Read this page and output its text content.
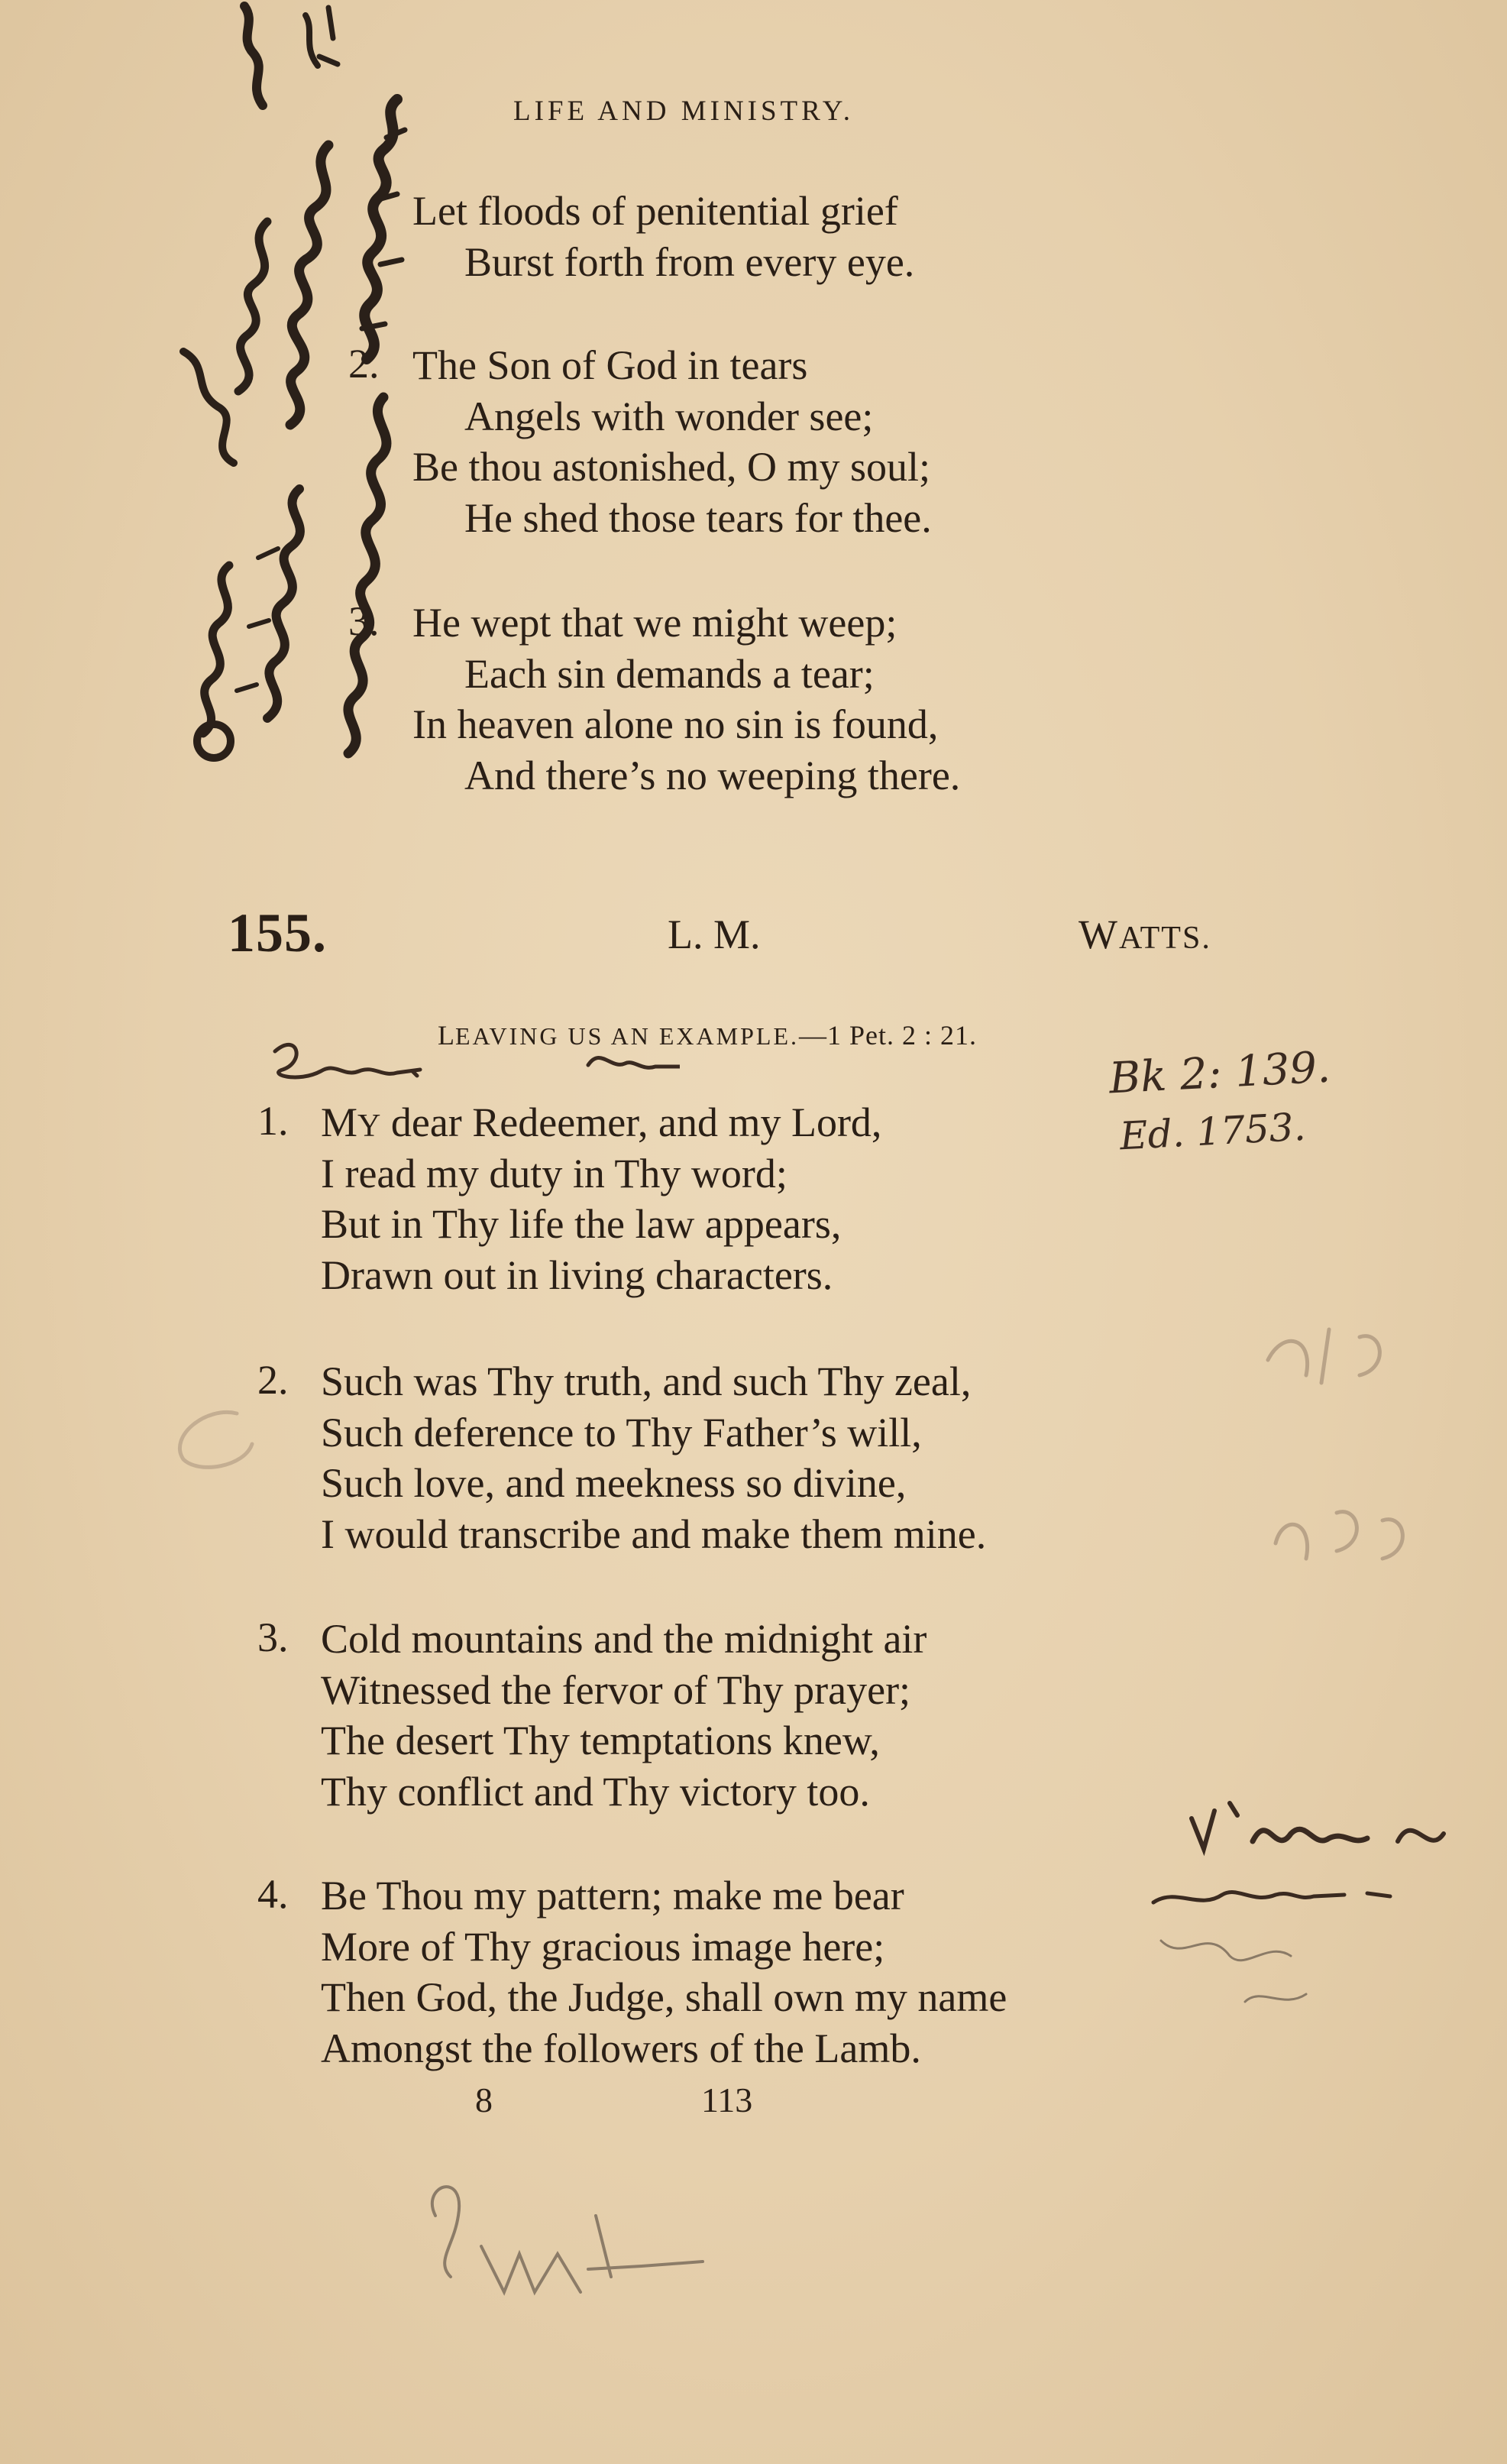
LIFE AND MINISTRY.
Let floods of penitential grief
Burst forth from every eye.
2. The Son of God in tears
Angels with wonder see;
Be thou astonished, O my soul;
He shed those tears for thee.
3. He wept that we might weep;
Each sin demands a tear;
In heaven alone no sin is found,
And there’s no weeping there.
155.	L. M.	WATTS.
LEAVING US AN EXAMPLE.—1 Pet. 2 : 21.
1. MY dear Redeemer, and my Lord,
I read my duty in Thy word;
But in Thy life the law appears,
Drawn out in living characters.
2. Such was Thy truth, and such Thy zeal,
Such deference to Thy Father’s will,
Such love, and meekness so divine,
I would transcribe and make them mine.
3. Cold mountains and the midnight air
Witnessed the fervor of Thy prayer;
The desert Thy temptations knew,
Thy conflict and Thy victory too.
4. Be Thou my pattern; make me bear
More of Thy gracious image here;
Then God, the Judge, shall own my name
Amongst the followers of the Lamb.
8	113
Bk 2: 139.
Ed. 1753.
